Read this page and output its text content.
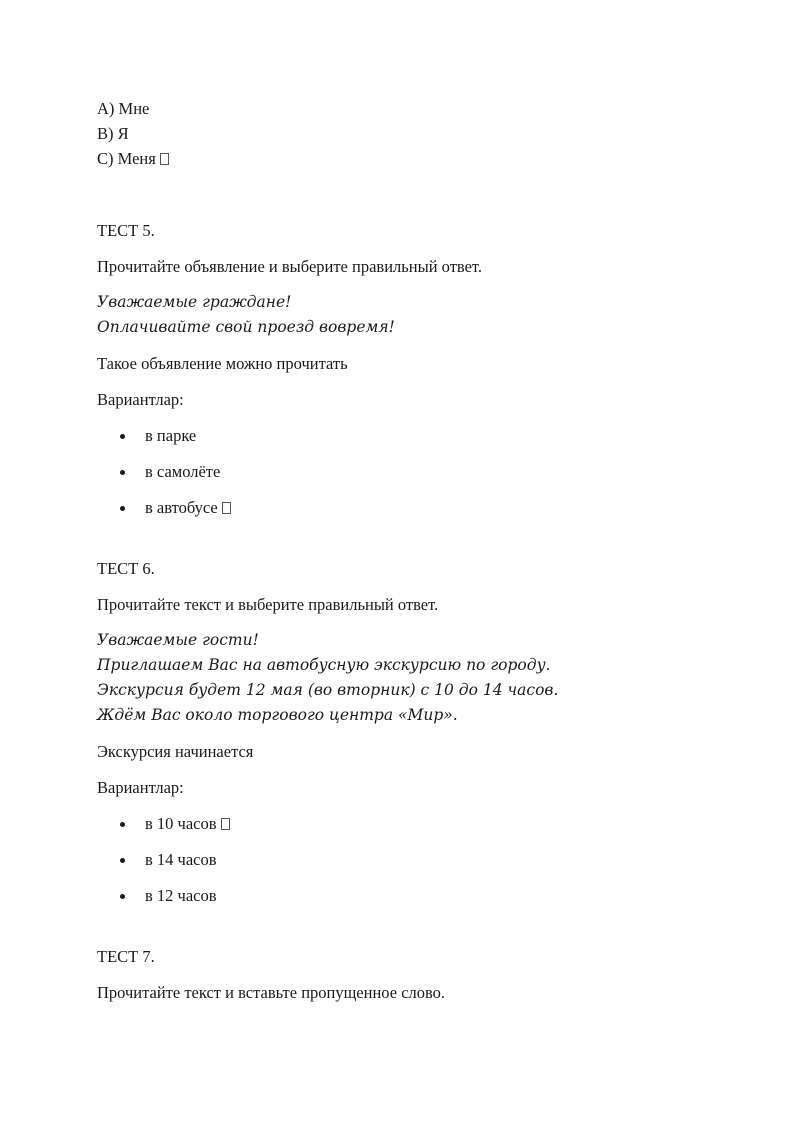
A) Мне
B) Я
C) Меня
ТЕСТ 5.
Прочитайте объявление и выберите правильный ответ.
Уважаемые граждане!
Оплачивайте свой проезд вовремя!
Такое объявление можно прочитать
Вариантлар:
в парке
в самолёте
в автобусе
ТЕСТ 6.
Прочитайте текст и выберите правильный ответ.
Уважаемые гости!
Приглашаем Вас на автобусную экскурсию по городу.
Экскурсия будет 12 мая (во вторник) с 10 до 14 часов.
Ждём Вас около торгового центра «Мир».
Экскурсия начинается
Вариантлар:
в 10 часов
в 14 часов
в 12 часов
ТЕСТ 7.
Прочитайте текст и вставьте пропущенное слово.
